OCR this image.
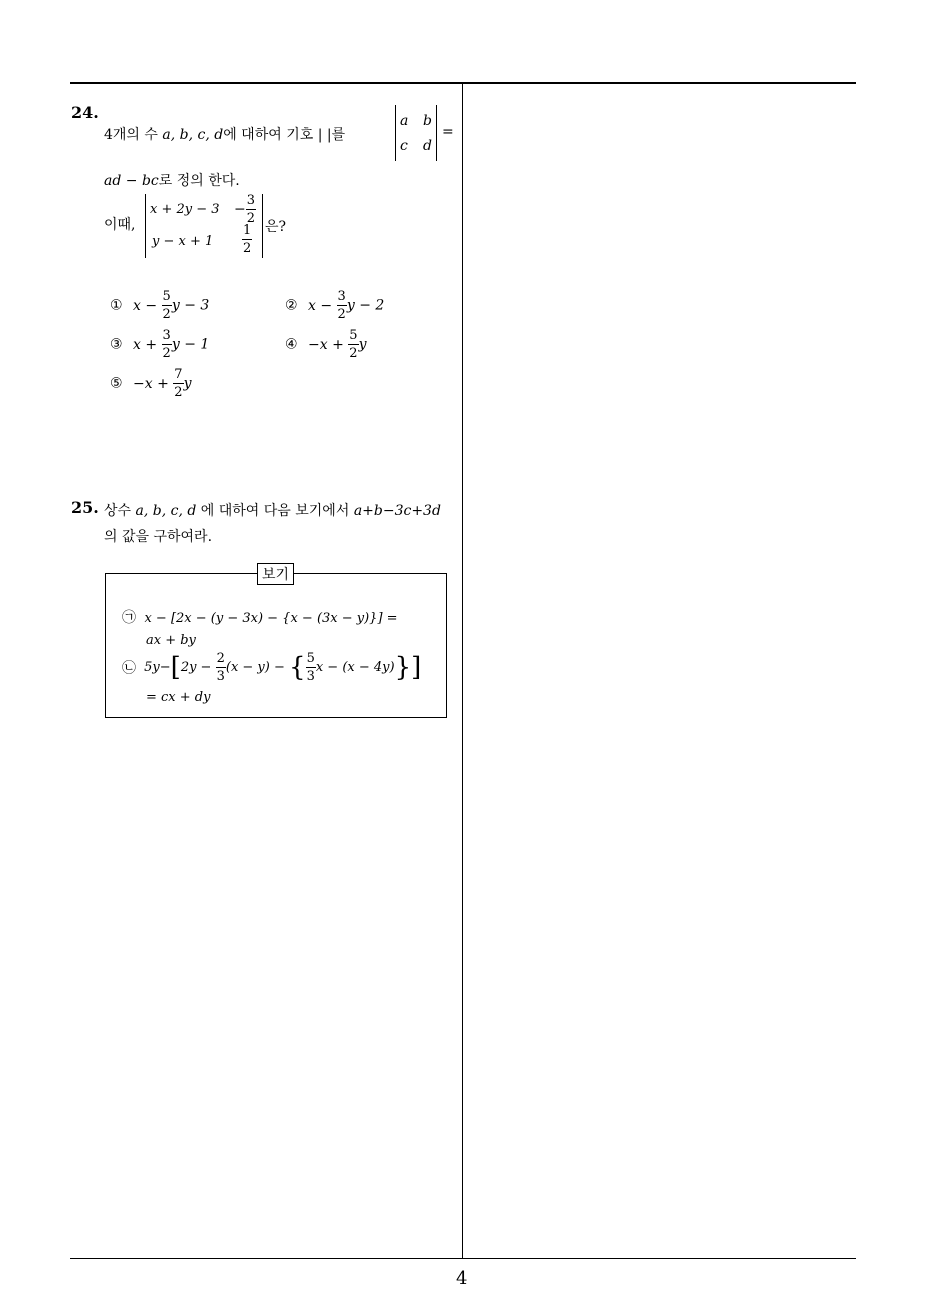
24.
4개의 수 a, b, c, d에 대하여 기호 | |를
a b
c d
=
ad − bc로 정의 한다.
이때,
$x + 2y - 3 - \frac{3}{2}$
$y - x + 1 \frac{1}{2}$ 은?
① $x - \frac{5}{2}$ y − 3	② $x - \frac{3}{2}$ y − 2
③ $x + \frac{3}{2}$ y − 1	④ $-x + \frac{5}{2}$ y
⑤ $-x + \frac{7}{2}$ y
25. 상수 a, b, c, d 에 대하여 다음 보기에서 a+b−3c+3d
의 값을 구하여라.
보기
㉠ x − [2x − (y − 3x) − {x − (3x − y)}] =
ax + by
㉡ $5y-[2y - \frac{2}{3} (x - y)$ − { $\frac{5}{3}$ x − (x − 4y)}]
= cx + dy
4
